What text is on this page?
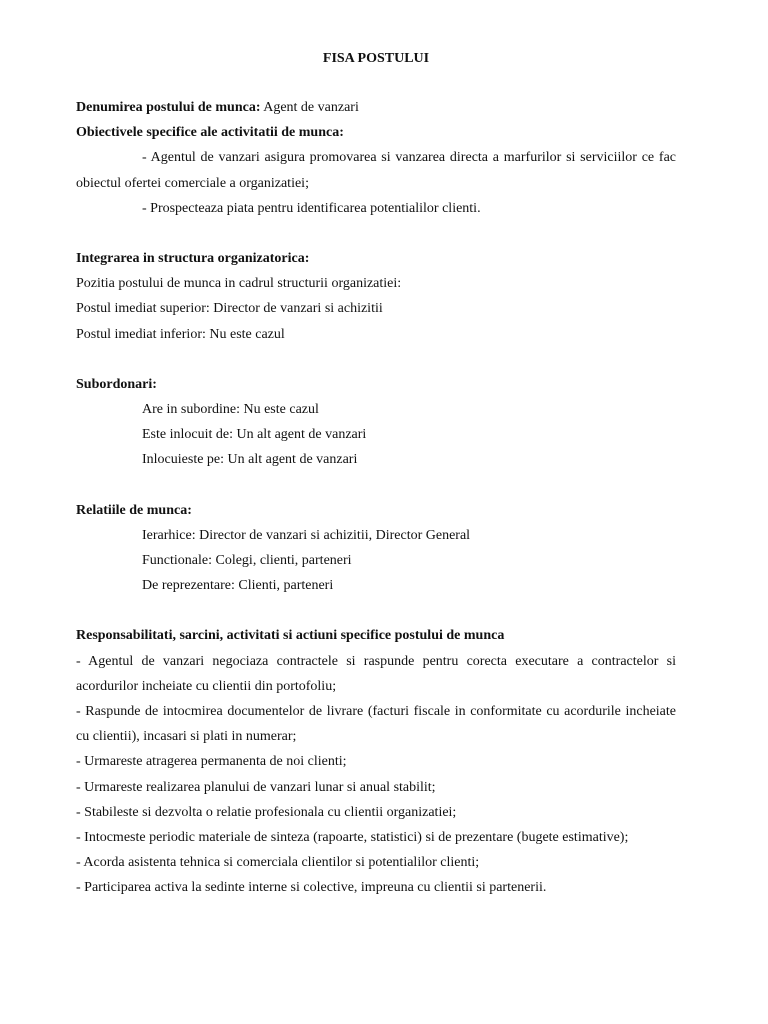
FISA POSTULUI
Denumirea postului de munca: Agent de vanzari
Obiectivele specifice ale activitatii de munca:
- Agentul de vanzari asigura promovarea si vanzarea directa a marfurilor si serviciilor ce fac obiectul ofertei comerciale a organizatiei;
- Prospecteaza piata pentru identificarea potentialilor clienti.
Integrarea in structura organizatorica:
Pozitia postului de munca in cadrul structurii organizatiei:
Postul imediat superior: Director de vanzari si achizitii
Postul imediat inferior: Nu este cazul
Subordonari:
Are in subordine: Nu este cazul
Este inlocuit de: Un alt agent de vanzari
Inlocuieste pe: Un alt agent de vanzari
Relatiile de munca:
Ierarhice: Director de vanzari si achizitii, Director General
Functionale: Colegi, clienti, parteneri
De reprezentare: Clienti, parteneri
Responsabilitati, sarcini, activitati si actiuni specifice postului de munca
- Agentul de vanzari negociaza contractele si raspunde pentru corecta executare a contractelor si acordurilor incheiate cu clientii din portofoliu;
- Raspunde de intocmirea documentelor de livrare (facturi fiscale in conformitate cu acordurile incheiate cu clientii), incasari si plati in numerar;
- Urmareste atragerea permanenta de noi clienti;
- Urmareste realizarea planului de vanzari lunar si anual stabilit;
- Stabileste si dezvolta o relatie profesionala cu clientii organizatiei;
- Intocmeste periodic materiale de sinteza (rapoarte, statistici) si de prezentare (bugete estimative);
- Acorda asistenta tehnica si comerciala clientilor si potentialilor clienti;
- Participarea activa la sedinte interne si colective, impreuna cu clientii si partenerii.
